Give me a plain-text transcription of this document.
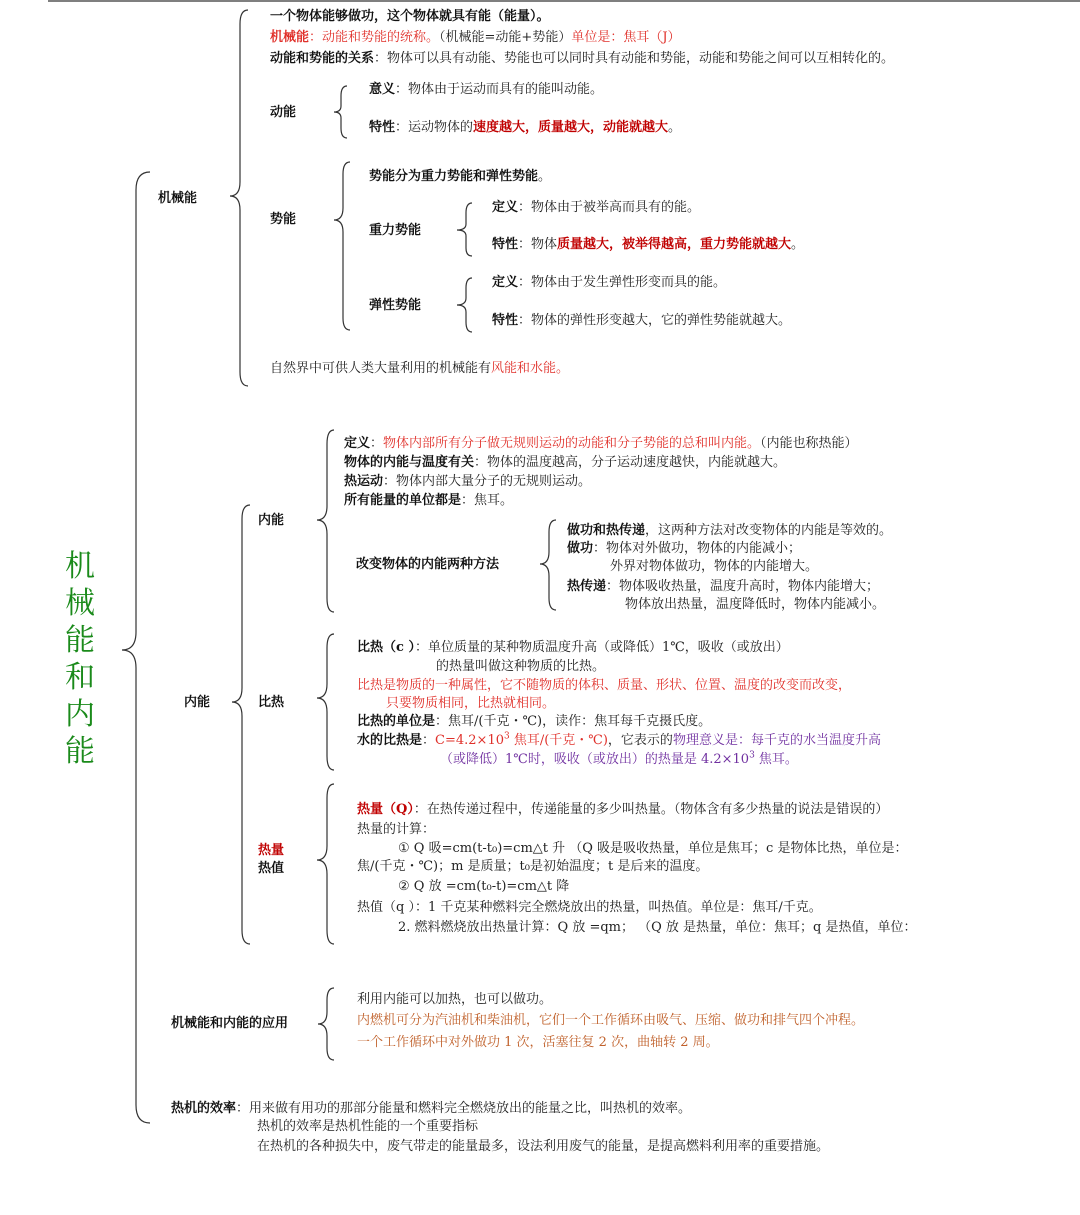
机
械
能
和
内
能
机械能
一个物体能够做功，这个物体就具有能（能量）。
机械能：动能和势能的统称。（机械能=动能+势能）单位是：焦耳（J）
动能和势能的关系：物体可以具有动能、势能也可以同时具有动能和势能，动能和势能之间可以互相转化的。
动能
意义：物体由于运动而具有的能叫动能。
特性：运动物体的速度越大，质量越大，动能就越大。
势能
势能分为重力势能和弹性势能。
重力势能
定义：物体由于被举高而具有的能。
特性：物体质量越大，被举得越高，重力势能就越大。
弹性势能
定义：物体由于发生弹性形变而具的能。
特性：物体的弹性形变越大，它的弹性势能就越大。
自然界中可供人类大量利用的机械能有风能和水能。
内能
内能
定义：物体内部所有分子做无规则运动的动能和分子势能的总和叫内能。（内能也称热能）
物体的内能与温度有关：物体的温度越高，分子运动速度越快，内能就越大。
热运动：物体内部大量分子的无规则运动。
所有能量的单位都是：焦耳。
改变物体的内能两种方法
做功和热传递，这两种方法对改变物体的内能是等效的。
做功：物体对外做功，物体的内能减小；
外界对物体做功，物体的内能增大。
热传递：物体吸收热量，温度升高时，物体内能增大；
物体放出热量，温度降低时，物体内能减小。
比热
比热（c ）：单位质量的某种物质温度升高（或降低）1℃，吸收（或放出）
的热量叫做这种物质的比热。
比热是物质的一种属性，它不随物质的体积、质量、形状、位置、温度的改变而改变，
只要物质相同，比热就相同。
比热的单位是：焦耳/(千克・℃)，读作：焦耳每千克摄氏度。
水的比热是：$C=4.2\times 10^3$ 焦耳/(千克・℃)，它表示的物理意义是：每千克的水当温度升高
（或降低）1℃时，吸收（或放出）的热量是 $4.2\times 10^3$ 焦耳。
热量
热值
热量（Q）：在热传递过程中，传递能量的多少叫热量。（物体含有多少热量的说法是错误的）
热量的计算：
① Q 吸=cm(t-t₀)=cm△t 升 （Q 吸是吸收热量，单位是焦耳；c 是物体比热，单位是：
焦/(千克・℃)；m 是质量；t₀是初始温度；t 是后来的温度。
② Q 放 =cm(t₀-t)=cm△t 降
热值（q ）：1 千克某种燃料完全燃烧放出的热量，叫热值。单位是：焦耳/千克。
2. 燃料燃烧放出热量计算：Q 放 =qm； （Q 放 是热量，单位：焦耳；q 是热值，单位：
机械能和内能的应用
利用内能可以加热，也可以做功。
内燃机可分为汽油机和柴油机，它们一个工作循环由吸气、压缩、做功和排气四个冲程。
一个工作循环中对外做功 1 次，活塞往复 2 次，曲轴转 2 周。
热机的效率：用来做有用功的那部分能量和燃料完全燃烧放出的能量之比，叫热机的效率。
热机的效率是热机性能的一个重要指标
在热机的各种损失中，废气带走的能量最多，设法利用废气的能量，是提高燃料利用率的重要措施。
